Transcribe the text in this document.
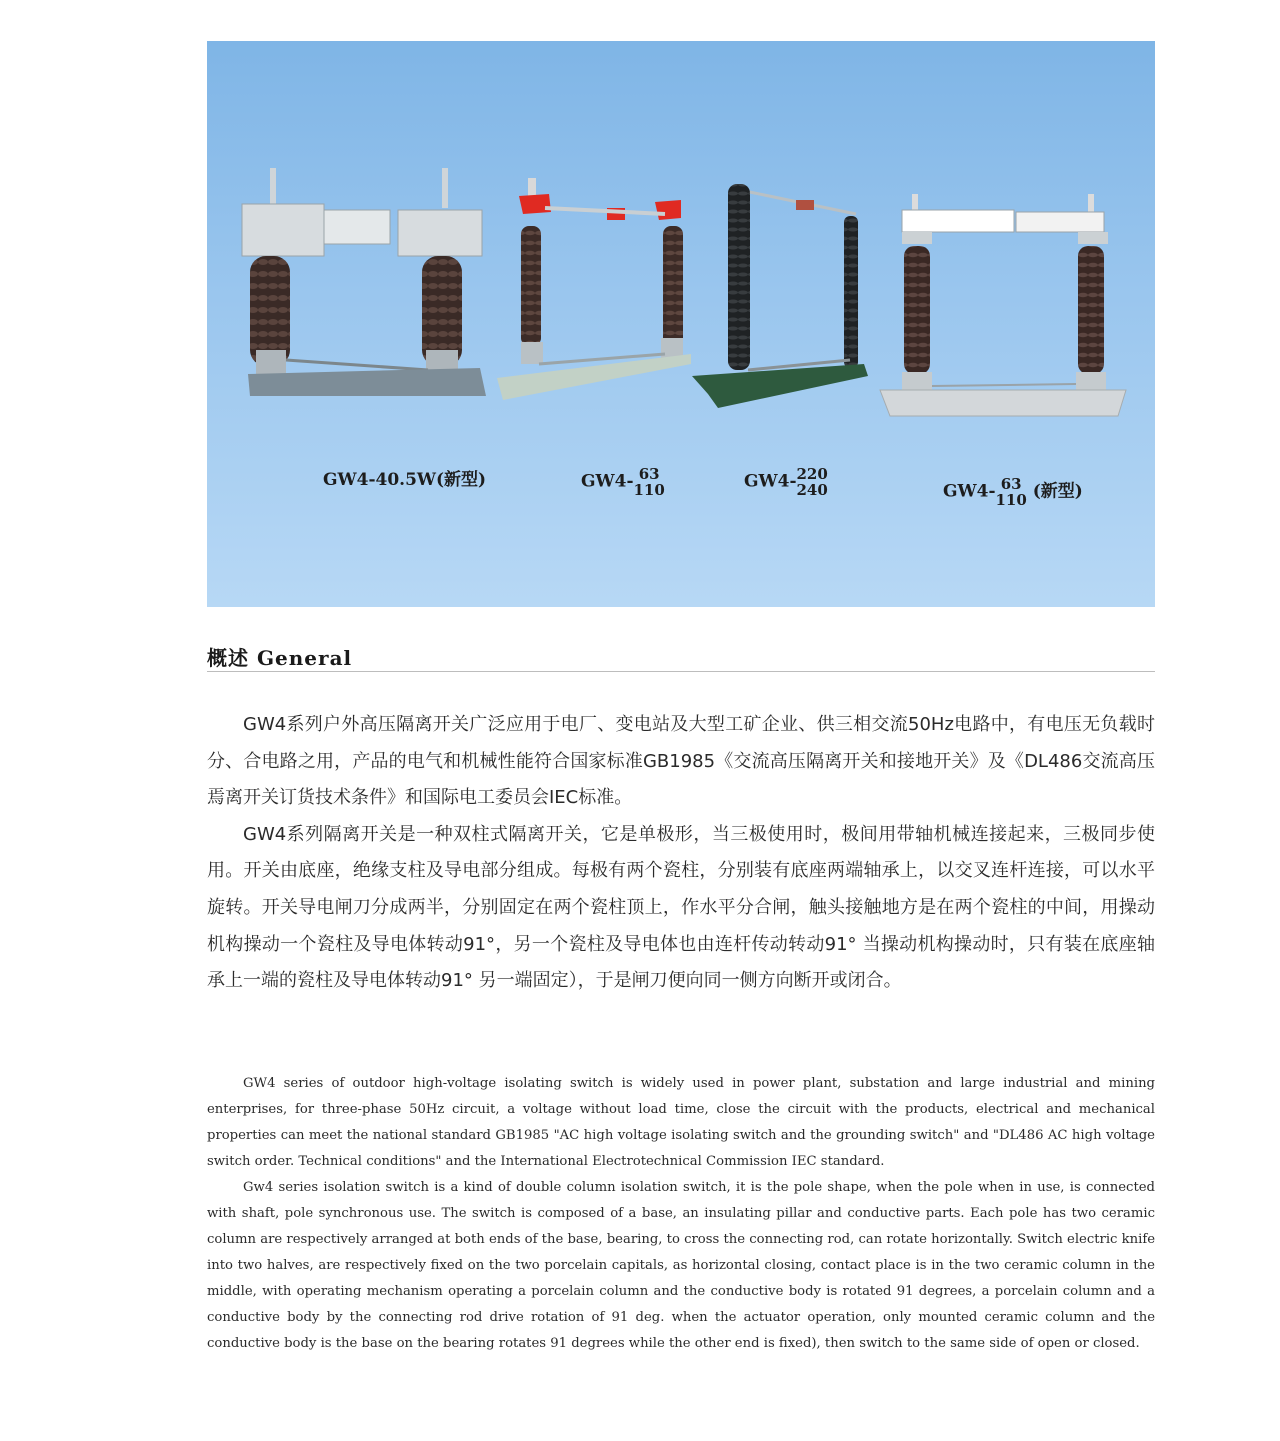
GW4-40.5W(新型)	GW4- 63
110	GW4- 220
240	GW4- 63
110 (新型)
概述 General

GW4系列户外高压隔离开关广泛应用于电厂、变电站及大型工矿企业、供三相交流50Hz电路中，有电压无负载时分、合电路之用，产品的电气和机械性能符合国家标准GB1985《交流高压隔离开关和接地开关》及《DL486交流高压焉离开关订货技术条件》和国际电工委员会IEC标准。

GW4系列隔离开关是一种双柱式隔离开关，它是单极形，当三极使用时，极间用带轴机械连接起来，三极同步使用。开关由底座，绝缘支柱及导电部分组成。每极有两个瓷柱，分别装有底座两端轴承上，以交叉连杆连接，可以水平旋转。开关导电闸刀分成两半，分别固定在两个瓷柱顶上，作水平分合闸，触头接触地方是在两个瓷柱的中间，用操动机构操动一个瓷柱及导电体转动91°，另一个瓷柱及导电体也由连杆传动转动91° 当操动机构操动时，只有装在底座轴承上一端的瓷柱及导电体转动91° 另一端固定），于是闸刀便向同一侧方向断开或闭合。

GW4 series of outdoor high-voltage isolating switch is widely used in power plant, substation and large industrial and mining enterprises, for three-phase 50Hz circuit, a voltage without load time, close the circuit with the products, electrical and mechanical properties can meet the national standard GB1985 "AC high voltage isolating switch and the grounding switch" and "DL486 AC high voltage switch order. Technical conditions" and the International Electrotechnical Commission IEC standard.

Gw4 series isolation switch is a kind of double column isolation switch, it is the pole shape, when the pole when in use, is connected with shaft, pole synchronous use. The switch is composed of a base, an insulating pillar and conductive parts. Each pole has two ceramic column are respectively arranged at both ends of the base, bearing, to cross the connecting rod, can rotate horizontally. Switch electric knife into two halves, are respectively fixed on the two porcelain capitals, as horizontal closing, contact place is in the two ceramic column in the middle, with operating mechanism operating a porcelain column and the conductive body is rotated 91 degrees, a porcelain column and a conductive body by the connecting rod drive rotation of 91 deg. when the actuator operation, only mounted ceramic column and the conductive body is the base on the bearing rotates 91 degrees while the other end is fixed), then switch to the same side of open or closed.
